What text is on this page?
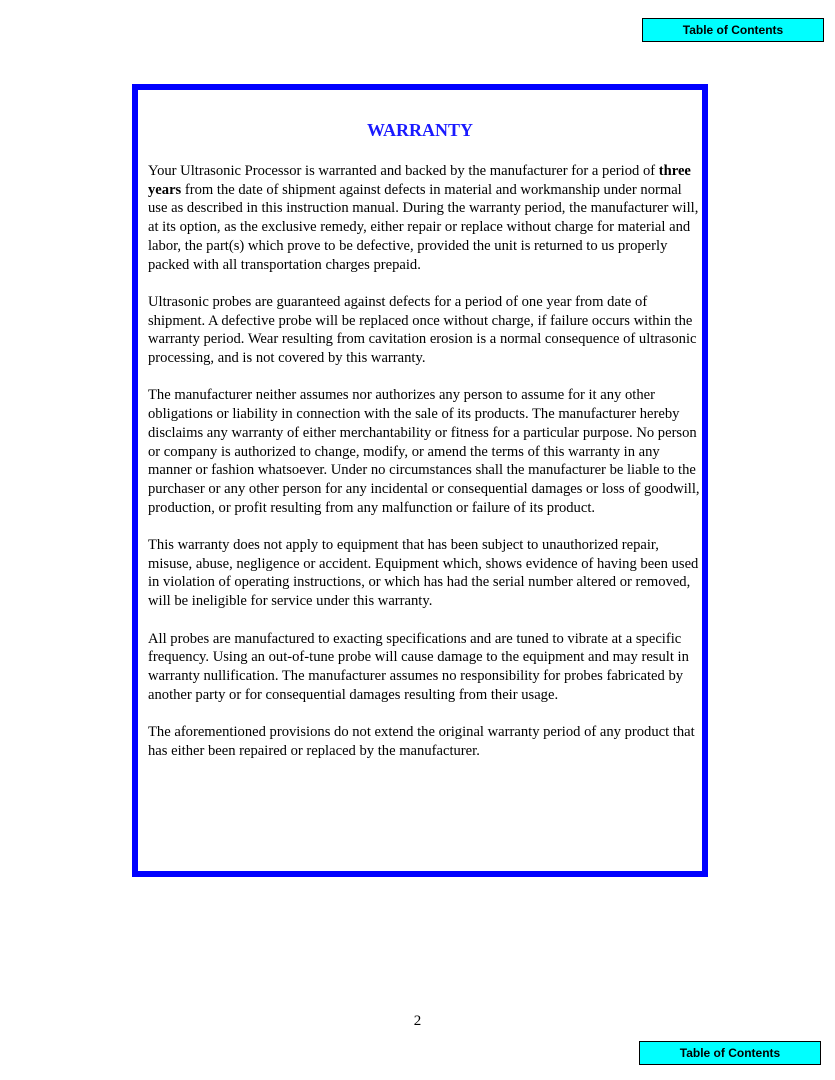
Table of Contents
WARRANTY

Your Ultrasonic Processor is warranted and backed by the manufacturer for a period of three years from the date of shipment against defects in material and workmanship under normal use as described in this instruction manual. During the warranty period, the manufacturer will, at its option, as the exclusive remedy, either repair or replace without charge for material and labor, the part(s) which prove to be defective, provided the unit is returned to us properly packed with all transportation charges prepaid.

Ultrasonic probes are guaranteed against defects for a period of one year from date of shipment. A defective probe will be replaced once without charge, if failure occurs within the warranty period. Wear resulting from cavitation erosion is a normal consequence of ultrasonic processing, and is not covered by this warranty.

The manufacturer neither assumes nor authorizes any person to assume for it any other obligations or liability in connection with the sale of its products. The manufacturer hereby disclaims any warranty of either merchantability or fitness for a particular purpose. No person or company is authorized to change, modify, or amend the terms of this warranty in any manner or fashion whatsoever. Under no circumstances shall the manufacturer be liable to the purchaser or any other person for any incidental or consequential damages or loss of goodwill, production, or profit resulting from any malfunction or failure of its product.

This warranty does not apply to equipment that has been subject to unauthorized repair, misuse, abuse, negligence or accident. Equipment which, shows evidence of having been used in violation of operating instructions, or which has had the serial number altered or removed, will be ineligible for service under this warranty.

All probes are manufactured to exacting specifications and are tuned to vibrate at a specific frequency. Using an out-of-tune probe will cause damage to the equipment and may result in warranty nullification. The manufacturer assumes no responsibility for probes fabricated by another party or for consequential damages resulting from their usage.

The aforementioned provisions do not extend the original warranty period of any product that has either been repaired or replaced by the manufacturer.

2
Table of Contents
